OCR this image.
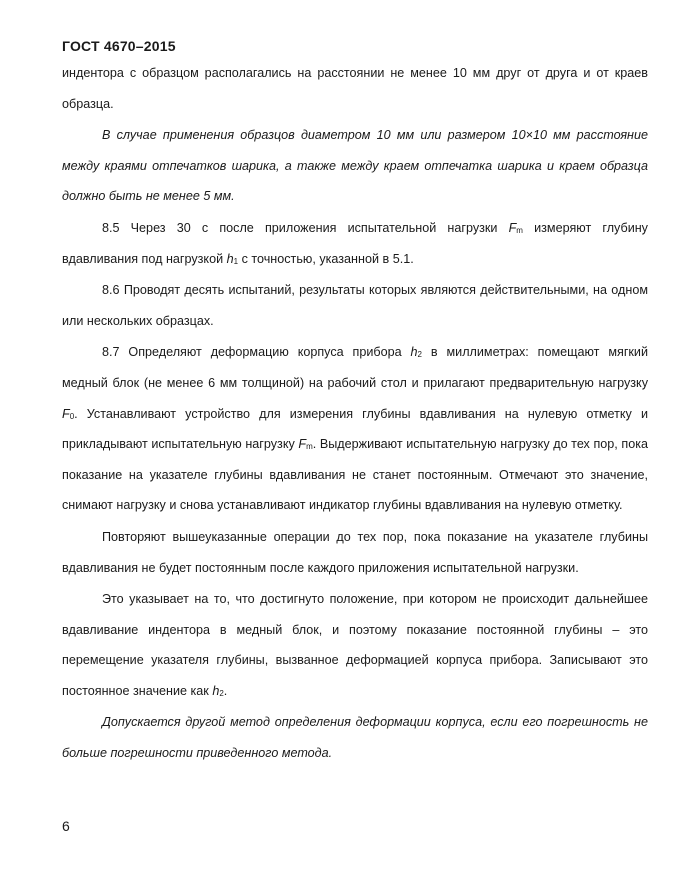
ГОСТ 4670–2015

индентора с образцом располагались на расстоянии не менее 10 мм друг от друга и от краев образца.

В случае применения образцов диаметром 10 мм или размером 10×10 мм расстояние между краями отпечатков шарика, а также между краем отпечатка шарика и краем образца должно быть не менее 5 мм.

8.5 Через 30 с после приложения испытательной нагрузки $F_m$ измеряют глубину вдавливания под нагрузкой $h_1$ с точностью, указанной в 5.1.

8.6 Проводят десять испытаний, результаты которых являются действительными, на одном или нескольких образцах.

8.7 Определяют деформацию корпуса прибора $h_2$ в миллиметрах: помещают мягкий медный блок (не менее 6 мм толщиной) на рабочий стол и прилагают предварительную нагрузку $F_0$. Устанавливают устройство для измерения глубины вдавливания на нулевую отметку и прикладывают испытательную нагрузку $F_m$. Выдерживают испытательную нагрузку до тех пор, пока показание на указателе глубины вдавливания не станет постоянным. Отмечают это значение, снимают нагрузку и снова устанавливают индикатор глубины вдавливания на нулевую отметку.

Повторяют вышеуказанные операции до тех пор, пока показание на указателе глубины вдавливания не будет постоянным после каждого приложения испытательной нагрузки.

Это указывает на то, что достигнуто положение, при котором не происходит дальнейшее вдавливание индентора в медный блок, и поэтому показание постоянной глубины – это перемещение указателя глубины, вызванное деформацией корпуса прибора. Записывают это постоянное значение как $h_2$.

Допускается другой метод определения деформации корпуса, если его погрешность не больше погрешности приведенного метода.

6
